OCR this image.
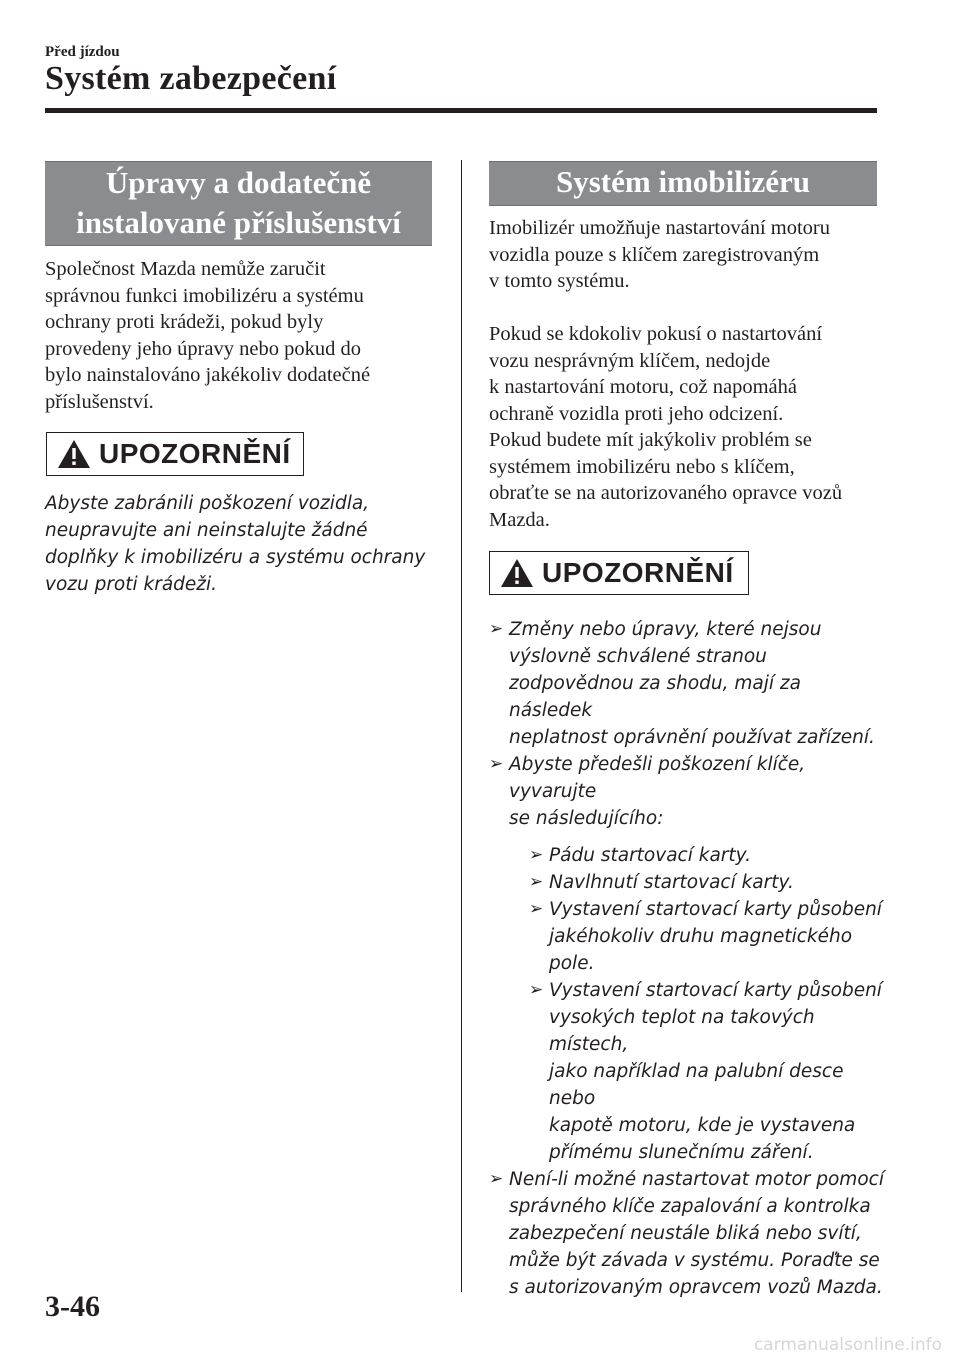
Před jízdou
Systém zabezpečení
Úpravy a dodatečně
instalované příslušenství

Společnost Mazda nemůže zaručit

správnou funkci imobilizéru a systému

ochrany proti krádeži, pokud byly

provedeny jeho úpravy nebo pokud do

bylo nainstalováno jakékoliv dodatečné

příslušenství.

UPOZORNĚNÍ
Abyste zabránili poškození vozidla,
neupravujte ani neinstalujte žádné
doplňky k imobilizéru a systému ochrany
vozu proti krádeži.
Systém imobilizéru

Imobilizér umožňuje nastartování motoru

vozidla pouze s klíčem zaregistrovaným

v tomto systému.

Pokud se kdokoliv pokusí o nastartování

vozu nesprávným klíčem, nedojde

k nastartování motoru, což napomáhá

ochraně vozidla proti jeho odcizení.

Pokud budete mít jakýkoliv problém se

systémem imobilizéru nebo s klíčem,

obraťte se na autorizovaného opravce vozů

Mazda.

UPOZORNĚNÍ
➢ Změny nebo úpravy, které nejsou
výslovně schválené stranou
zodpovědnou za shodu, mají za následek
neplatnost oprávnění používat zařízení.
➢ Abyste předešli poškození klíče, vyvarujte
se následujícího:
➢ Pádu startovací karty.
➢ Navlhnutí startovací karty.
➢ Vystavení startovací karty působení
jakéhokoliv druhu magnetického pole.
➢ Vystavení startovací karty působení
vysokých teplot na takových místech,
jako například na palubní desce nebo
kapotě motoru, kde je vystavena
přímému slunečnímu záření.
➢ Není-li možné nastartovat motor pomocí
správného klíče zapalování a kontrolka
zabezpečení neustále bliká nebo svítí,
může být závada v systému. Poraďte se
s autorizovaným opravcem vozů Mazda.
3-46
carmanualsonline.info
